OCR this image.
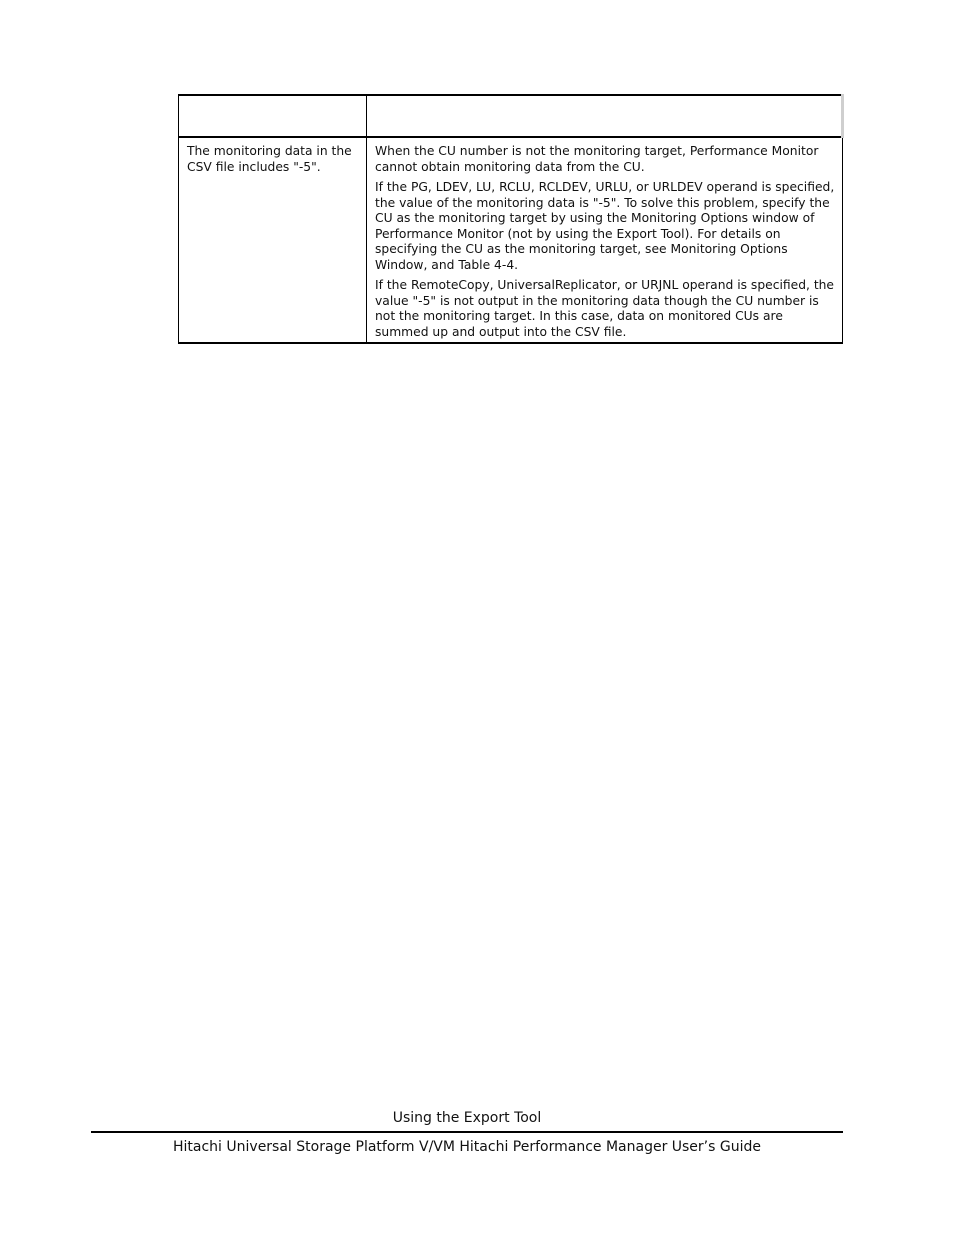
The monitoring data in the CSV file includes "-5".	When the CU number is not the monitoring target, Performance Monitor cannot obtain monitoring data from the CU.

If the PG, LDEV, LU, RCLU, RCLDEV, URLU, or URLDEV operand is specified, the value of the monitoring data is "-5". To solve this problem, specify the CU as the monitoring target by using the Monitoring Options window of Performance Monitor (not by using the Export Tool). For details on specifying the CU as the monitoring target, see Monitoring Options Window, and Table 4-4.

If the RemoteCopy, UniversalReplicator, or URJNL operand is specified, the value "-5" is not output in the monitoring data though the CU number is not the monitoring target. In this case, data on monitored CUs are summed up and output into the CSV file.

Using the Export Tool
Hitachi Universal Storage Platform V/VM Hitachi Performance Manager User’s Guide
